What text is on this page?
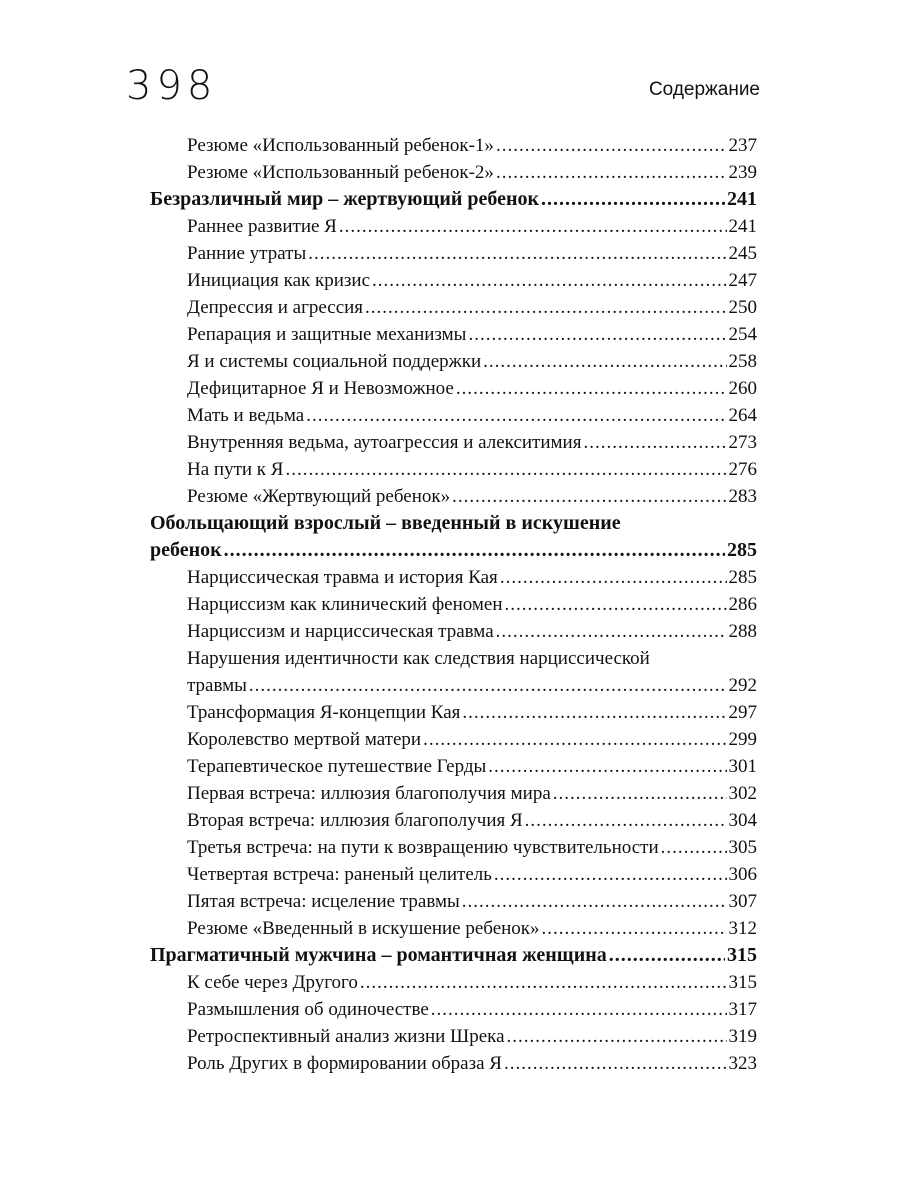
398	Содержание
Резюме «Использованный ребенок-1» .....	237
Резюме «Использованный ребенок-2» .....	239
Безразличный мир – жертвующий ребенок .....	241
Раннее развитие Я .....	241
Ранние утраты .....	245
Инициация как кризис .....	247
Депрессия и агрессия .....	250
Репарация и защитные механизмы .....	254
Я и системы социальной поддержки .....	258
Дефицитарное Я и Невозможное .....	260
Мать и ведьма .....	264
Внутренняя ведьма, аутоагрессия и алекситимия .....	273
На пути к Я .....	276
Резюме «Жертвующий ребенок» .....	283
Обольщающий взрослый – введенный в искушение
ребенок .....	285
Нарциссическая травма и история Кая .....	285
Нарциссизм как клинический феномен .....	286
Нарциссизм и нарциссическая травма .....	288
Нарушения идентичности как следствия нарциссической
травмы .....	292
Трансформация Я-концепции Кая .....	297
Королевство мертвой матери .....	299
Терапевтическое путешествие Герды .....	301
Первая встреча: иллюзия благополучия мира .....	302
Вторая встреча: иллюзия благополучия Я .....	304
Третья встреча: на пути к возвращению чувствительности .....	305
Четвертая встреча: раненый целитель .....	306
Пятая встреча: исцеление травмы .....	307
Резюме «Введенный в искушение ребенок» .....	312
Прагматичный мужчина – романтичная женщина .....	315
К себе через Другого .....	315
Размышления об одиночестве .....	317
Ретроспективный анализ жизни Шрека .....	319
Роль Других в формировании образа Я .....	323
